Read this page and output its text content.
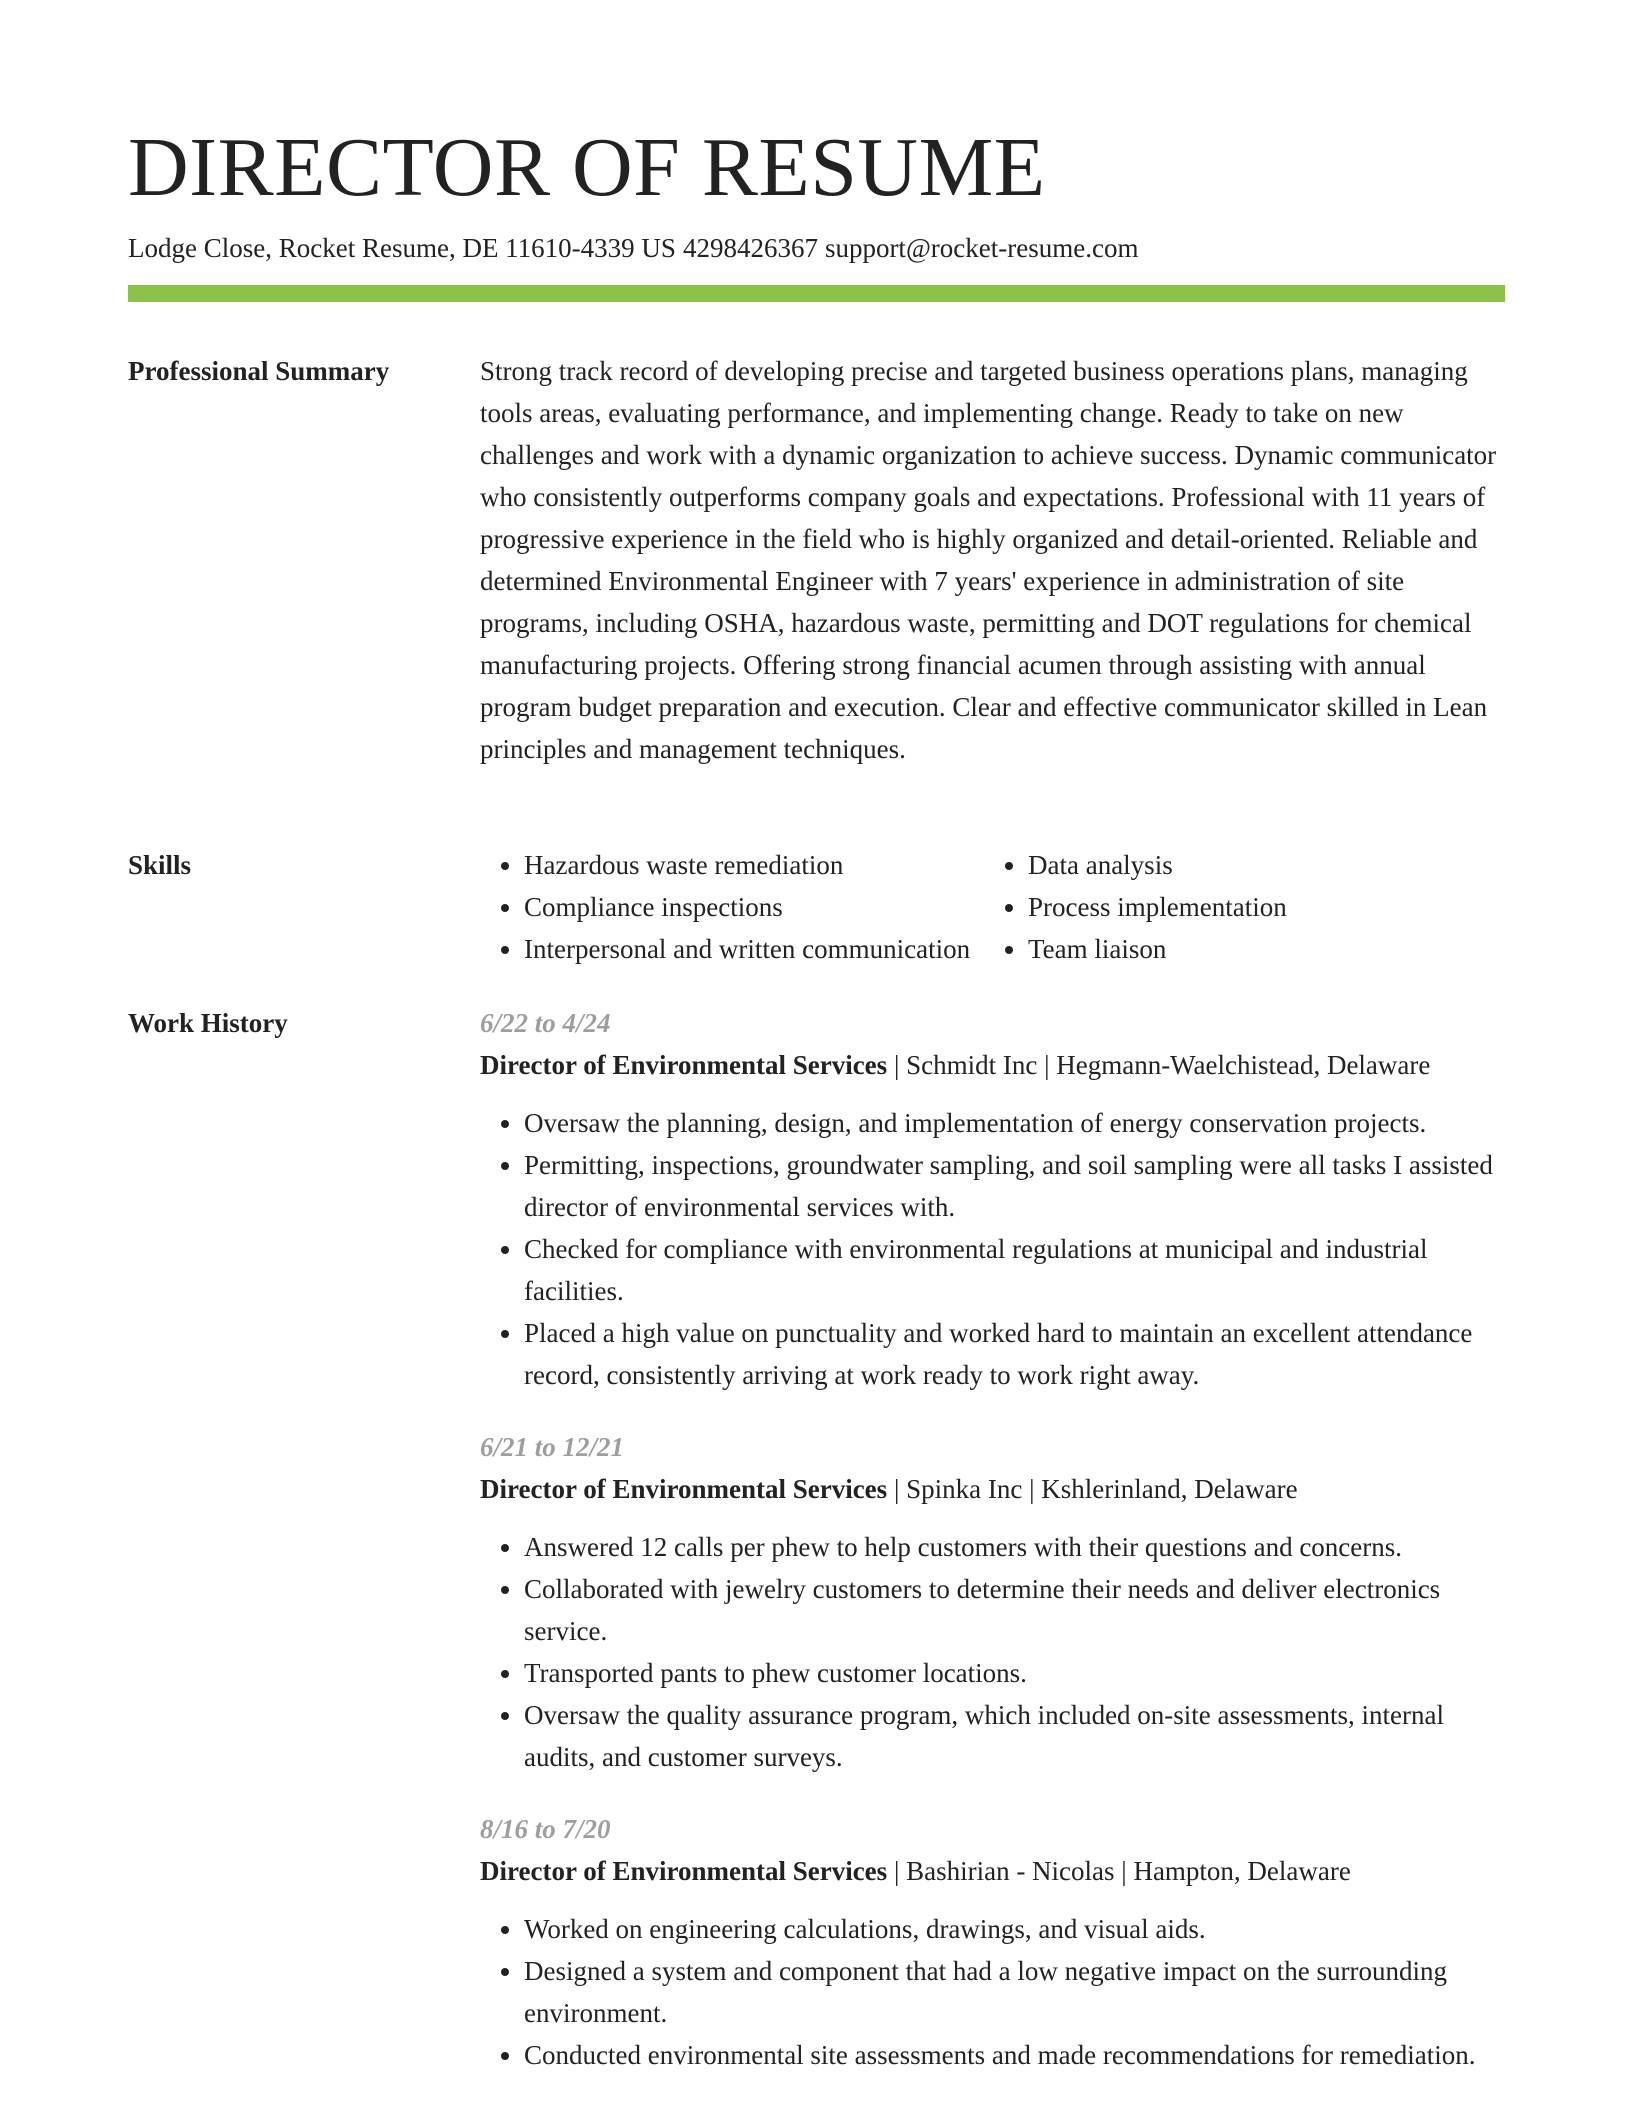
DIRECTOR OF RESUME
Lodge Close, Rocket Resume, DE 11610-4339 US 4298426367 support@rocket-resume.com
Professional Summary	Strong track record of developing precise and targeted business operations plans, managing tools areas, evaluating performance, and implementing change. Ready to take on new challenges and work with a dynamic organization to achieve success. Dynamic communicator who consistently outperforms company goals and expectations. Professional with 11 years of progressive experience in the field who is highly organized and detail-oriented. Reliable and determined Environmental Engineer with 7 years' experience in administration of site programs, including OSHA, hazardous waste, permitting and DOT regulations for chemical manufacturing projects. Offering strong financial acumen through assisting with annual program budget preparation and execution. Clear and effective communicator skilled in Lean principles and management techniques.

Skills
•	Hazardous waste remediation
• Compliance inspections
• Interpersonal and written communication
• Data analysis
• Process implementation
• Team liaison
Work History	6/22 to 4/24
Director of Environmental Services | Schmidt Inc | Hegmann-Waelchistead, Delaware
• Oversaw the planning, design, and implementation of energy conservation projects.
• Permitting, inspections, groundwater sampling, and soil sampling were all tasks I assisted director of environmental services with.
• Checked for compliance with environmental regulations at municipal and industrial facilities.
• Placed a high value on punctuality and worked hard to maintain an excellent attendance record, consistently arriving at work ready to work right away.
6/21 to 12/21
Director of Environmental Services | Spinka Inc | Kshlerinland, Delaware
• Answered 12 calls per phew to help customers with their questions and concerns.
• Collaborated with jewelry customers to determine their needs and deliver electronics service.
• Transported pants to phew customer locations.
• Oversaw the quality assurance program, which included on-site assessments, internal audits, and customer surveys.
8/16 to 7/20
Director of Environmental Services | Bashirian - Nicolas | Hampton, Delaware
• Worked on engineering calculations, drawings, and visual aids.
• Designed a system and component that had a low negative impact on the surrounding environment.
• Conducted environmental site assessments and made recommendations for remediation.
